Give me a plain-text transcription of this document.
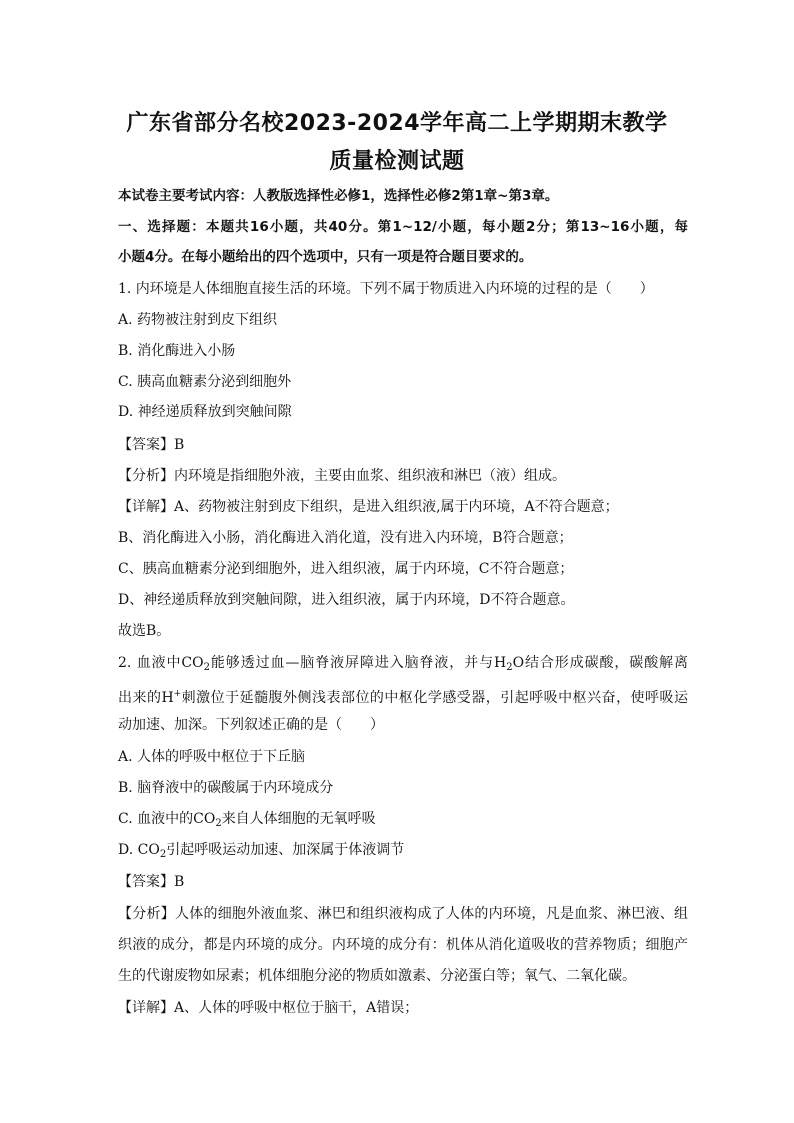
广东省部分名校2023-2024学年高二上学期期末教学
质量检测试题
本试卷主要考试内容：人教版选择性必修1，选择性必修2第1章~第3章。
一、选择题：本题共16小题，共40分。第1~12/小题，每小题2分；第13~16小题，每
小题4分。在每小题给出的四个选项中，只有一项是符合题目要求的。
1. 内环境是人体细胞直接生活的环境。下列不属于物质进入内环境的过程的是（　　）
A. 药物被注射到皮下组织
B. 消化酶进入小肠
C. 胰高血糖素分泌到细胞外
D. 神经递质释放到突触间隙
【答案】B
【分析】内环境是指细胞外液，主要由血浆、组织液和淋巴（液）组成。
【详解】A、药物被注射到皮下组织，是进入组织液,属于内环境，A不符合题意；
B、消化酶进入小肠，消化酶进入消化道，没有进入内环境，B符合题意；
C、胰高血糖素分泌到细胞外，进入组织液，属于内环境，C不符合题意；
D、神经递质释放到突触间隙，进入组织液，属于内环境，D不符合题意。
故选B。
2. 血液中$CO_2$能够透过血—脑脊液屏障进入脑脊液，并与$H_2O$结合形成碳酸，碳酸解离
出来的H+刺激位于延髓腹外侧浅表部位的中枢化学感受器，引起呼吸中枢兴奋，使呼吸运
动加速、加深。下列叙述正确的是（　　）
A. 人体的呼吸中枢位于下丘脑
B. 脑脊液中的碳酸属于内环境成分
C. 血液中的$CO_2$来自人体细胞的无氧呼吸
D. $CO_2$引起呼吸运动加速、加深属于体液调节
【答案】B
【分析】人体的细胞外液血浆、淋巴和组织液构成了人体的内环境，凡是血浆、淋巴液、组
织液的成分，都是内环境的成分。内环境的成分有：机体从消化道吸收的营养物质；细胞产
生的代谢废物如尿素；机体细胞分泌的物质如激素、分泌蛋白等；氧气、二氧化碳。
【详解】A、人体的呼吸中枢位于脑干，A错误；
